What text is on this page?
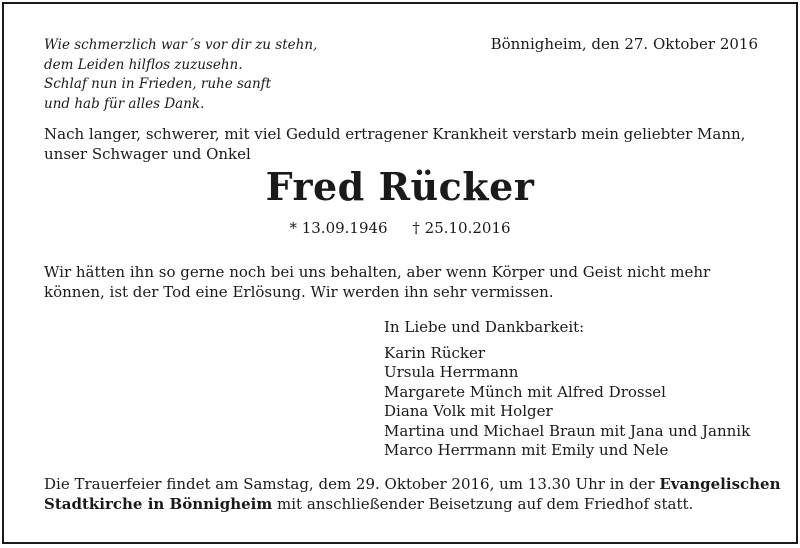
Wie schmerzlich war´s vor dir zu stehn,
dem Leiden hilflos zuzusehn.
Schlaf nun in Frieden, ruhe sanft
und hab für alles Dank.
Bönnigheim, den 27. Oktober 2016
Nach langer, schwerer, mit viel Geduld ertragener Krankheit verstarb mein geliebter Mann,
unser Schwager und Onkel
Fred Rücker
* 13.09.1946 † 25.10.2016
Wir hätten ihn so gerne noch bei uns behalten, aber wenn Körper und Geist nicht mehr
können, ist der Tod eine Erlösung. Wir werden ihn sehr vermissen.
In Liebe und Dankbarkeit:
Karin Rücker
Ursula Herrmann
Margarete Münch mit Alfred Drossel
Diana Volk mit Holger
Martina und Michael Braun mit Jana und Jannik
Marco Herrmann mit Emily und Nele
Die Trauerfeier findet am Samstag, dem 29. Oktober 2016, um 13.30 Uhr in der Evangelischen
Stadtkirche in Bönnigheim mit anschließender Beisetzung auf dem Friedhof statt.
